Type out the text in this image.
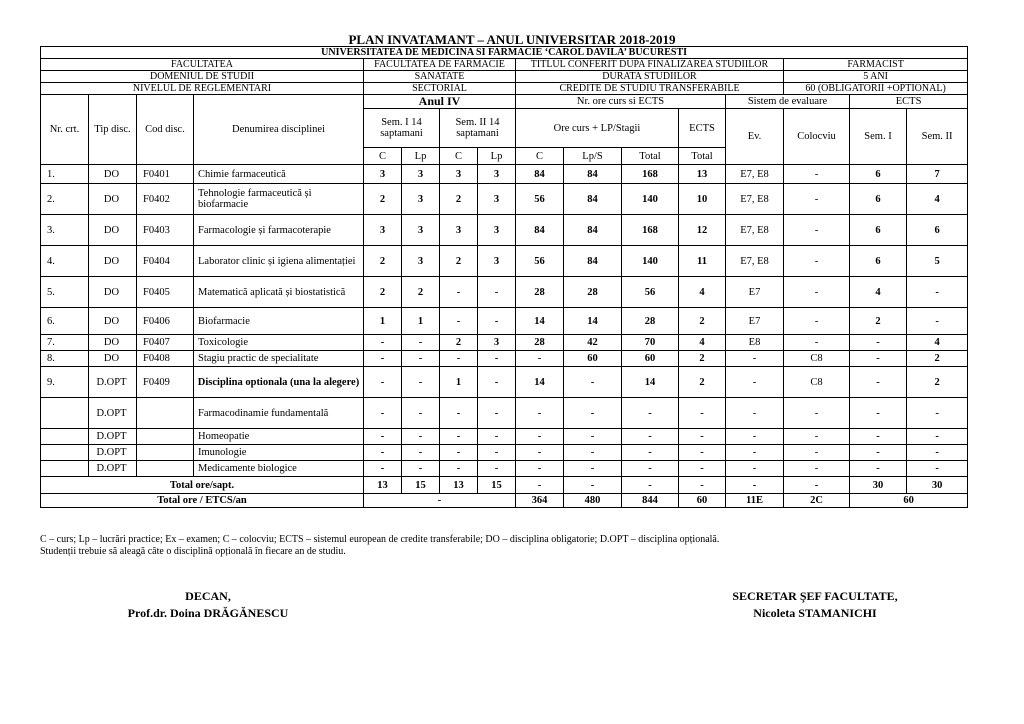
PLAN INVATAMANT – ANUL UNIVERSITAR 2018-2019
UNIVERSITATEA DE MEDICINA SI FARMACIE ‘CAROL DAVILA’ BUCURESTI															
FACULTATEA				FACULTATEA DE FARMACIE				TITLUL CONFERIT DUPA FINALIZAREA STUDIILOR					FARMACIST		
DOMENIUL DE STUDII				SANATATE				DURATA STUDIILOR					5 ANI		
NIVELUL DE REGLEMENTARI				SECTORIAL				CREDITE DE STUDIU TRANSFERABILE					60 (OBLIGATORII +OPTIONAL)		
Nr. crt.	Tip disc.	Cod disc.	Denumirea disciplinei	Anul IV				Nr. ore curs si ECTS				Sistem de evaluare		ECTS	
				Sem. I 14 saptamani		Sem. II 14 saptamani		Ore curs + LP/Stagii			ECTS	Ev.	Colocviu	Sem. I	Sem. II
				C	Lp	C	Lp	C	Lp/S	Total	Total				
1.	DO	F0401	Chimie farmaceutică	3	3	3	3	84	84	168	13	E7, E8	-	6	7
2.	DO	F0402	Tehnologie farmaceutică și biofarmacie	2	3	2	3	56	84	140	10	E7, E8	-	6	4
3.	DO	F0403	Farmacologie și farmacoterapie	3	3	3	3	84	84	168	12	E7, E8	-	6	6
4.	DO	F0404	Laborator clinic și igiena alimentației	2	3	2	3	56	84	140	11	E7, E8	-	6	5
5.	DO	F0405	Matematică aplicată și biostatistică	2	2	-	-	28	28	56	4	E7	-	4	-
6.	DO	F0406	Biofarmacie	1	1	-	-	14	14	28	2	E7	-	2	-
7.	DO	F0407	Toxicologie	-	-	2	3	28	42	70	4	E8	-	-	4
8.	DO	F0408	Stagiu practic de specialitate	-	-	-	-	-	60	60	2	-	C8	-	2
9.	D.OPT	F0409	Disciplina optionala (una la alegere)	-	-	1	-	14	-	14	2	-	C8	-	2
	D.OPT		Farmacodinamie fundamentală	-	-	-	-	-	-	-	-	-	-	-	-
	D.OPT		Homeopatie	-	-	-	-	-	-	-	-	-	-	-	-
	D.OPT		Imunologie	-	-	-	-	-	-	-	-	-	-	-	-
	D.OPT		Medicamente biologice	-	-	-	-	-	-	-	-	-	-	-	-
Total ore/sapt.				13	15	13	15	-	-	-	-	-	-	30	30
Total ore / ETCS/an				-				364	480	844	60	11E	2C	60	
C – curs; Lp – lucrări practice; Ex – examen; C – colocviu; ECTS – sistemul european de credite transferabile; DO – disciplina obligatorie; D.OPT – disciplina opțională.
Studenții trebuie să aleagă câte o disciplină opțională în fiecare an de studiu.
DECAN,
Prof.dr. Doina DRĂGĂNESCU
SECRETAR ŞEF FACULTATE,
Nicoleta STAMANICHI
